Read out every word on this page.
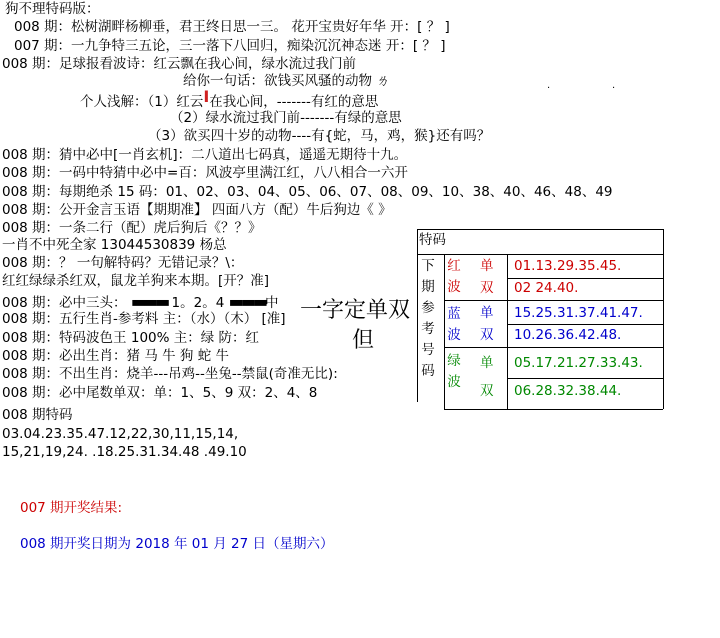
狗不理特码版：
008 期：松树湖畔杨柳垂，君王终日思一三。 花开宝贵好年华 开：[ ？ ]
007 期：一九争特三五论，三一落下八回归，痴染沉沉神态迷 开：[ ？ ]
008 期：足球报看波诗：红云飘在我心间，绿水流过我门前
给你一句话：欲钱买风骚的动物 ㄌ	·	·
个人浅解：（1）红云I在我心间，-------有红的意思
（2）绿水流过我门前-------有绿的意思
（3）欲买四十岁的动物----有{蛇，马，鸡，猴}还有吗？
008 期：猜中必中[一肖玄机]：二八道出七码真，遥遥无期待十九。
008 期：一码中特猜中必中=百：风波亭里满江红，八八相合一六开
008 期：每期绝杀 15 码：01、02、03、04、05、06、07、08、09、10、38、40、46、48、49
008 期：公开金言玉语【期期准】 四面八方（配）牛后狗边《 》
008 期：一条二行（配）虎后狗后《？？》
一肖不中死全家 13044530839 杨总
008 期：？ 一句解特码？无错记录？\：
红红绿绿杀红双，鼠龙羊狗来本期。[开？准]
008 期：必中三头： ▬▬▬ 1。2。4 ▬▬▬中
008 期：五行生肖-参考料 主：（水）（木） [准]
008 期：特码波色王 100% 主：绿 防：红
008 期：必出生肖：猪 马 牛 狗 蛇 牛
008 期：不出生肖：烧羊---吊鸡--坐兔--禁鼠(奇准无比):
008 期：必中尾数单双：单：1、5、9 双：2、4、8
一字定单双
但
008 期特码
03.04.23.35.47.12,22,30,11,15,14,
15,21,19,24. .18.25.31.34.48 .49.10
007 期开奖结果:
008 期开奖日期为 2018 年 01 月 27 日（星期六）
特码
下期参考号码
红波
单 01.13.29.35.45.
双 02 24.40.
蓝波
单 15.25.31.37.41.47.
双 10.26.36.42.48.
绿波
单 05.17.21.27.33.43.
双 06.28.32.38.44.
